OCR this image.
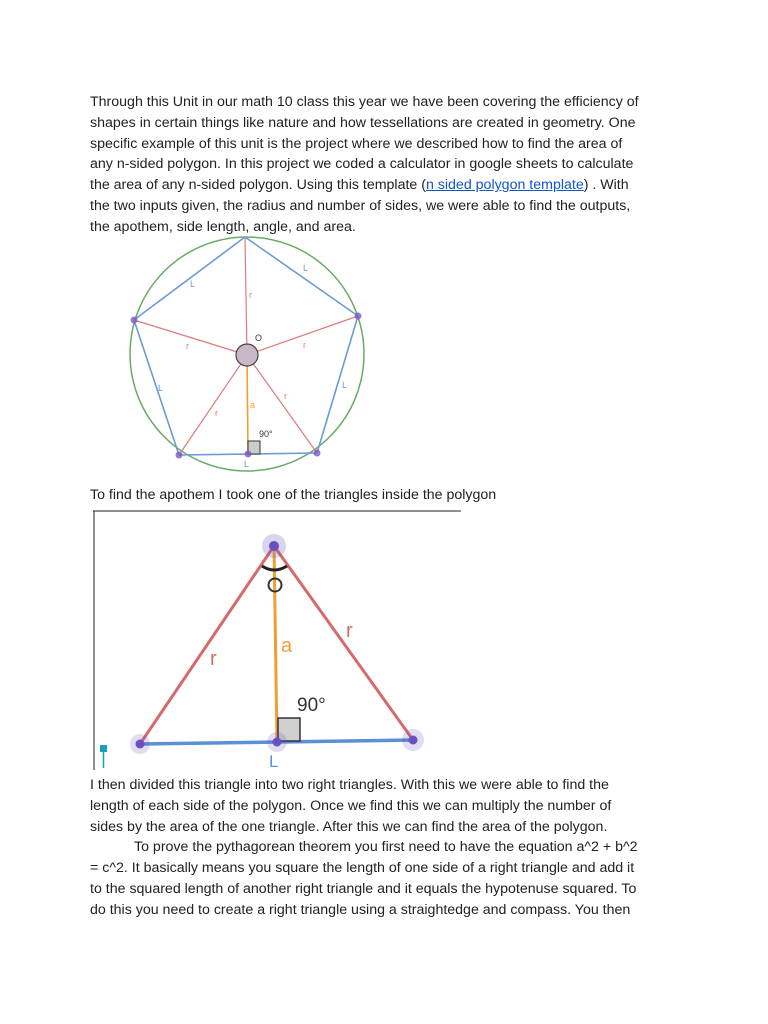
Through this Unit in our math 10 class this year we have been covering the efficiency of
shapes in certain things like nature and how tessellations are created in geometry. One
specific example of this unit is the project where we described how to find the area of
any n-sided polygon. In this project we coded a calculator in google sheets to calculate
the area of any n-sided polygon. Using this template (n sided polygon template) . With
the two inputs given, the radius and number of sides, we were able to find the outputs,
the apothem, side length, angle, and area.
r
r	r
r
r
L
L
L	L
L
a
O
90°
To find the apothem I took one of the triangles inside the polygon
r
r
a
90°
L
I then divided this triangle into two right triangles. With this we were able to find the
length of each side of the polygon. Once we find this we can multiply the number of
sides by the area of the one triangle. After this we can find the area of the polygon.
To prove the pythagorean theorem you first need to have the equation a^2 + b^2
= c^2. It basically means you square the length of one side of a right triangle and add it
to the squared length of another right triangle and it equals the hypotenuse squared. To
do this you need to create a right triangle using a straightedge and compass. You then
